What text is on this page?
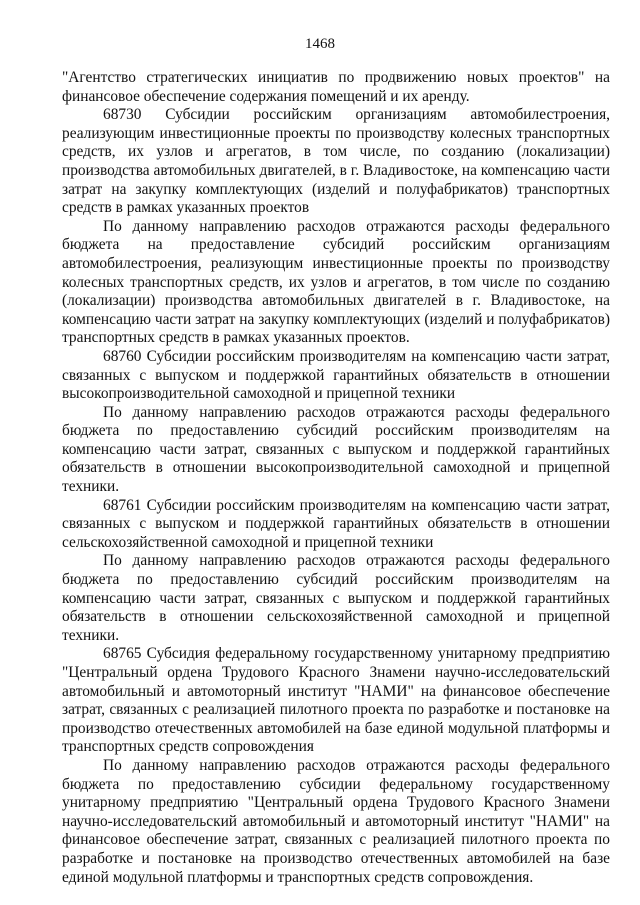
1468

"Агентство стратегических инициатив по продвижению новых проектов" на финансовое обеспечение содержания помещений и их аренду.

68730 Субсидии российским организациям автомобилестроения, реализующим инвестиционные проекты по производству колесных транспортных средств, их узлов и агрегатов, в том числе, по созданию (локализации) производства автомобильных двигателей, в г. Владивостоке, на компенсацию части затрат на закупку комплектующих (изделий и полуфабрикатов) транспортных средств в рамках указанных проектов

По данному направлению расходов отражаются расходы федерального бюджета на предоставление субсидий российским организациям автомобилестроения, реализующим инвестиционные проекты по производству колесных транспортных средств, их узлов и агрегатов, в том числе по созданию (локализации) производства автомобильных двигателей в г. Владивостоке, на компенсацию части затрат на закупку комплектующих (изделий и полуфабрикатов) транспортных средств в рамках указанных проектов.

68760 Субсидии российским производителям на компенсацию части затрат, связанных с выпуском и поддержкой гарантийных обязательств в отношении высокопроизводительной самоходной и прицепной техники

По данному направлению расходов отражаются расходы федерального бюджета по предоставлению субсидий российским производителям на компенсацию части затрат, связанных с выпуском и поддержкой гарантийных обязательств в отношении высокопроизводительной самоходной и прицепной техники.

68761 Субсидии российским производителям на компенсацию части затрат, связанных с выпуском и поддержкой гарантийных обязательств в отношении сельскохозяйственной самоходной и прицепной техники

По данному направлению расходов отражаются расходы федерального бюджета по предоставлению субсидий российским производителям на компенсацию части затрат, связанных с выпуском и поддержкой гарантийных обязательств в отношении сельскохозяйственной самоходной и прицепной техники.

68765 Субсидия федеральному государственному унитарному предприятию "Центральный ордена Трудового Красного Знамени научно-исследовательский автомобильный и автомоторный институт "НАМИ" на финансовое обеспечение затрат, связанных с реализацией пилотного проекта по разработке и постановке на производство отечественных автомобилей на базе единой модульной платформы и транспортных средств сопровождения

По данному направлению расходов отражаются расходы федерального бюджета по предоставлению субсидии федеральному государственному унитарному предприятию "Центральный ордена Трудового Красного Знамени научно-исследовательский автомобильный и автомоторный институт "НАМИ" на финансовое обеспечение затрат, связанных с реализацией пилотного проекта по разработке и постановке на производство отечественных автомобилей на базе единой модульной платформы и транспортных средств сопровождения.
